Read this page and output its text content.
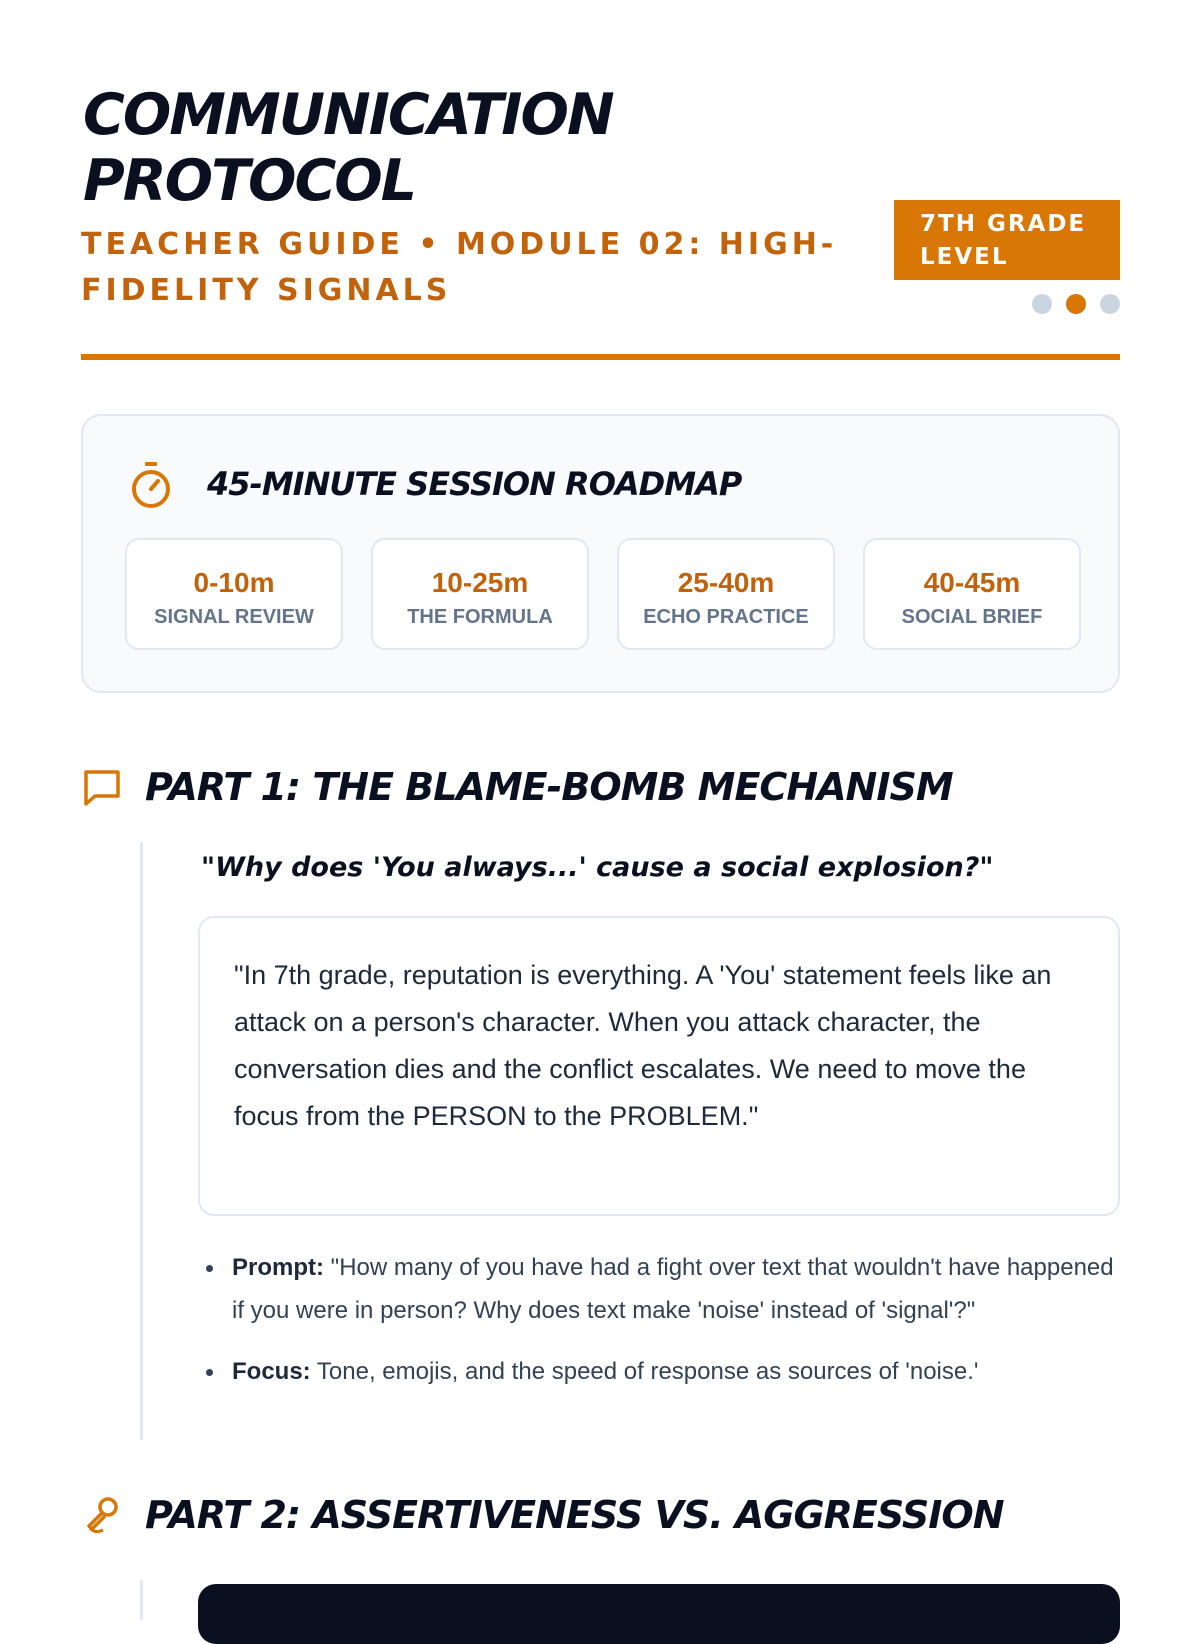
COMMUNICATION PROTOCOL

TEACHER GUIDE • MODULE 02: HIGH-FIDELITY SIGNALS

7TH GRADE LEVEL
45-MINUTE SESSION ROADMAP
0-10m
SIGNAL REVIEW
10-25m
THE FORMULA
25-40m
ECHO PRACTICE
40-45m
SOCIAL BRIEF
PART 1: THE BLAME-BOMB MECHANISM

"Why does 'You always...' cause a social explosion?"

"In 7th grade, reputation is everything. A 'You' statement feels like an attack on a person's character. When you attack character, the conversation dies and the conflict escalates. We need to move the focus from the PERSON to the PROBLEM."
Prompt: "How many of you have had a fight over text that wouldn't have happened if you were in person? Why does text make 'noise' instead of 'signal'?"
Focus: Tone, emojis, and the speed of response as sources of 'noise.'
PART 2: ASSERTIVENESS VS. AGGRESSION
